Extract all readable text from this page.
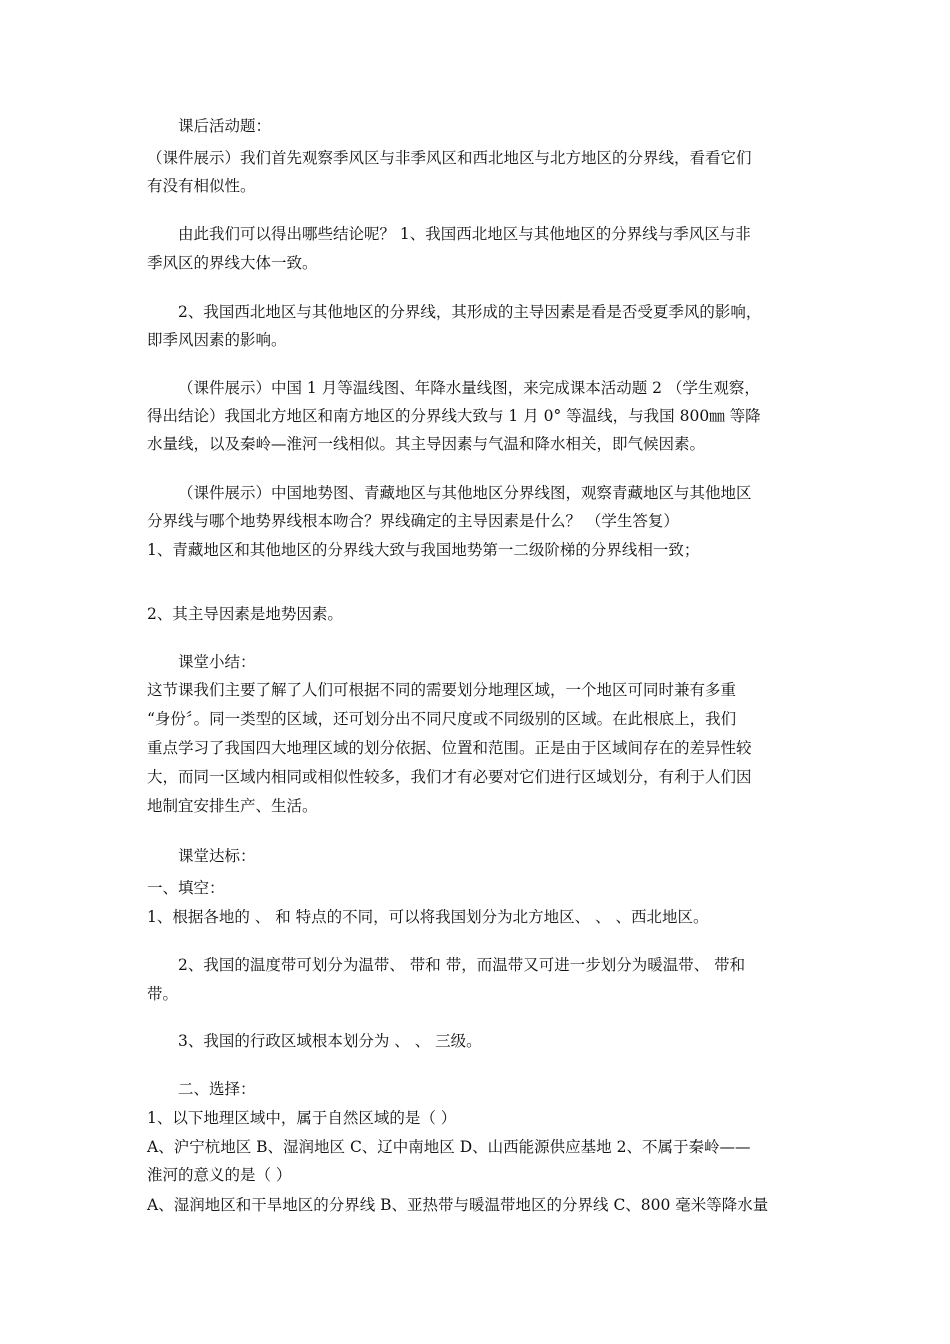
课后活动题：
（课件展示）我们首先观察季风区与非季风区和西北地区与北方地区的分界线，看看它们
有没有相似性。
由此我们可以得出哪些结论呢？ 1、我国西北地区与其他地区的分界线与季风区与非
季风区的界线大体一致。
2、我国西北地区与其他地区的分界线，其形成的主导因素是看是否受夏季风的影响，
即季风因素的影响。
（课件展示）中国 1 月等温线图、年降水量线图，来完成课本活动题 2 （学生观察，
得出结论）我国北方地区和南方地区的分界线大致与 1 月 0° 等温线，与我国 800㎜ 等降
水量线，以及秦岭—淮河一线相似。其主导因素与气温和降水相关，即气候因素。
（课件展示）中国地势图、青藏地区与其他地区分界线图，观察青藏地区与其他地区
分界线与哪个地势界线根本吻合？界线确定的主导因素是什么？ （学生答复）
1、青藏地区和其他地区的分界线大致与我国地势第一二级阶梯的分界线相一致；
2、其主导因素是地势因素。
课堂小结：
这节课我们主要了解了人们可根据不同的需要划分地理区域，一个地区可同时兼有多重
“身份〞。同一类型的区域，还可划分出不同尺度或不同级别的区域。在此根底上，我们
重点学习了我国四大地理区域的划分依据、位置和范围。正是由于区域间存在的差异性较
大，而同一区域内相同或相似性较多，我们才有必要对它们进行区域划分，有利于人们因
地制宜安排生产、生活。
课堂达标：
一、填空：
1、根据各地的 、 和 特点的不同，可以将我国划分为北方地区、 、 、西北地区。
2、我国的温度带可划分为温带、 带和 带，而温带又可进一步划分为暖温带、 带和
带。
3、我国的行政区域根本划分为 、 、 三级。
二、选择：
1、以下地理区域中，属于自然区域的是（ ）
A、沪宁杭地区 B、湿润地区 C、辽中南地区 D、山西能源供应基地 2、不属于秦岭——
淮河的意义的是（ ）
A、湿润地区和干旱地区的分界线 B、亚热带与暖温带地区的分界线 C、800 毫米等降水量
